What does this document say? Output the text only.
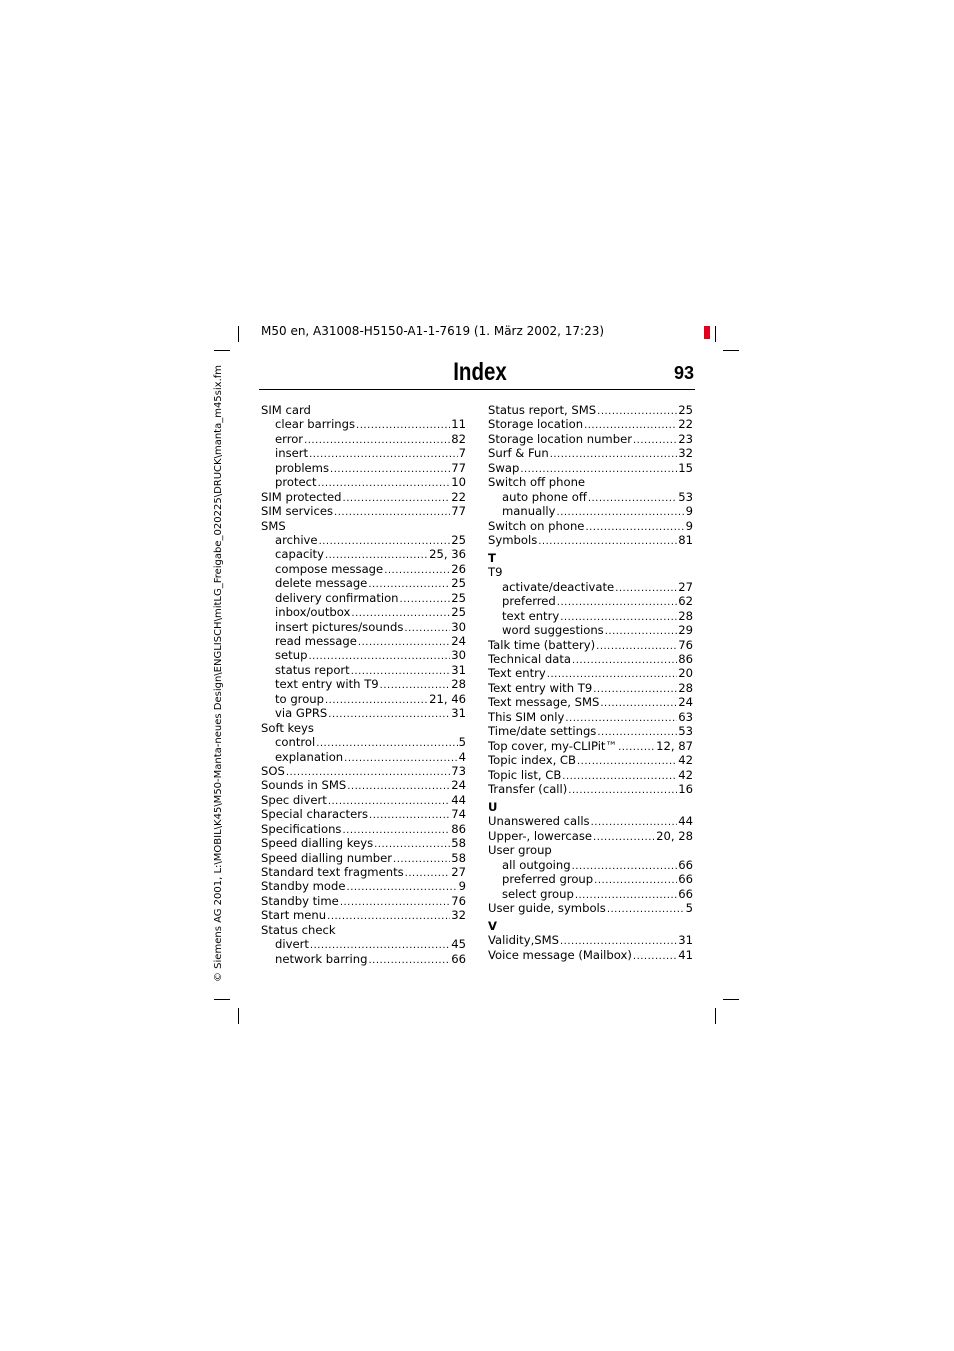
M50 en, A31008-H5150-A1-1-7619 (1. März 2002, 17:23)
© Siemens AG 2001, L:\MOBIL\K45\M50-Manta-neues Design\ENGLISCH\mitLG_Freigabe_020225\DRUCK\manta_m45six.fm	Index	93
SIM card
clear barrings .....	11
error .....	82
insert .....	7
problems .....	77
protect .....	10
SIM protected .....	22
SIM services .....	77
SMS
archive .....	25
capacity .....	25, 36
compose message .....	26
delete message .....	25
delivery confirmation .....	25
inbox/outbox .....	25
insert pictures/sounds .....	30
read message .....	24
setup .....	30
status report .....	31
text entry with T9 .....	28
to group .....	21, 46
via GPRS .....	31
Soft keys
control .....	5
explanation .....	4
SOS .....	73
Sounds in SMS .....	24
Spec divert .....	44
Special characters .....	74
Specifications .....	86
Speed dialling keys .....	58
Speed dialling number .....	58
Standard text fragments .....	27
Standby mode .....	9
Standby time .....	76
Start menu .....	32
Status check
divert .....	45
network barring .....	66
Status report, SMS .....	25
Storage location .....	22
Storage location number .....	23
Surf & Fun .....	32
Swap .....	15
Switch off phone
auto phone off .....	53
manually .....	9
Switch on phone .....	9
Symbols .....	81
T
T9
activate/deactivate .....	27
preferred .....	62
text entry .....	28
word suggestions .....	29
Talk time (battery) .....	76
Technical data .....	86
Text entry .....	20
Text entry with T9 .....	28
Text message, SMS .....	24
This SIM only .....	63
Time/date settings .....	53
Top cover, my-CLIPit™ .....	12, 87
Topic index, CB .....	42
Topic list, CB .....	42
Transfer (call) .....	16
U
Unanswered calls .....	44
Upper-, lowercase .....	20, 28
User group
all outgoing .....	66
preferred group .....	66
select group .....	66
User guide, symbols .....	5
V
Validity,SMS .....	31
Voice message (Mailbox) .....	41
